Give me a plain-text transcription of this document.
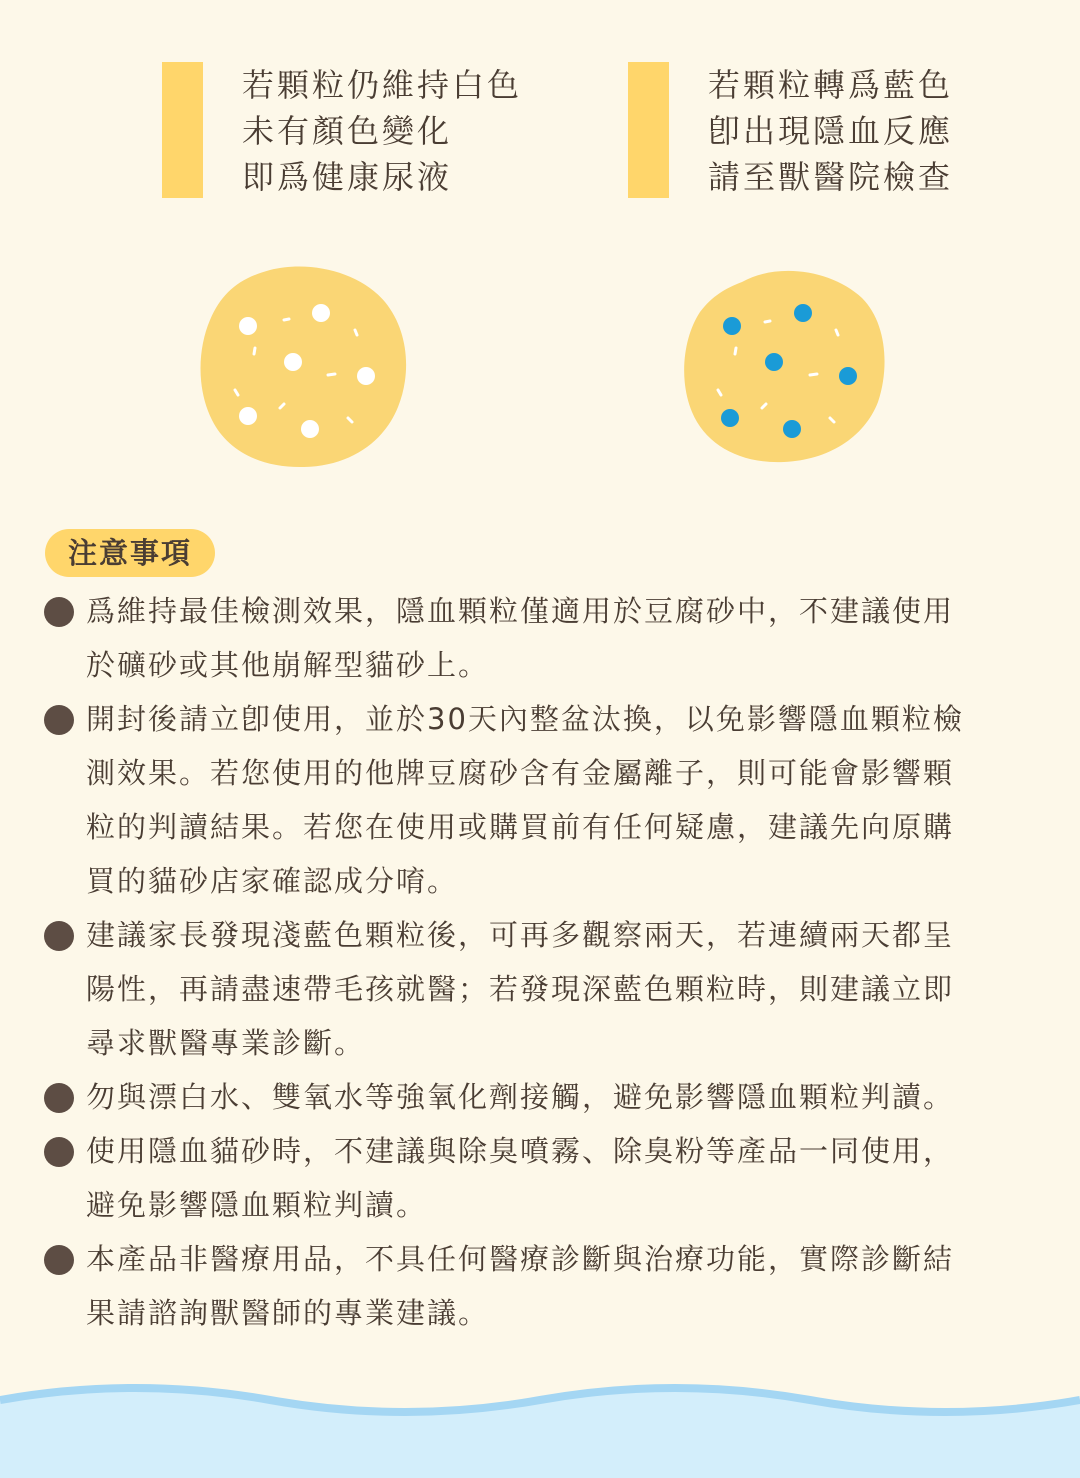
若顆粒仍維持白色
未有顏色變化
即爲健康尿液
若顆粒轉爲藍色
卽出現隱血反應
請至獸醫院檢查
注意事項
爲維持最佳檢測效果，隱血顆粒僅適用於豆腐砂中，不建議使用
於礦砂或其他崩解型貓砂上。
開封後請立卽使用，並於30天內整盆汰換，以免影響隱血顆粒檢
測效果。若您使用的他牌豆腐砂含有金屬離子，則可能會影響顆
粒的判讀結果。若您在使用或購買前有任何疑慮，建議先向原購
買的貓砂店家確認成分唷。
建議家長發現淺藍色顆粒後，可再多觀察兩天，若連續兩天都呈
陽性，再請盡速帶毛孩就醫；若發現深藍色顆粒時，則建議立即
尋求獸醫專業診斷。
勿與漂白水、雙氧水等強氧化劑接觸，避免影響隱血顆粒判讀。
使用隱血貓砂時，不建議與除臭噴霧、除臭粉等產品一同使用，
避免影響隱血顆粒判讀。
本產品非醫療用品，不具任何醫療診斷與治療功能，實際診斷結
果請諮詢獸醫師的專業建議。
